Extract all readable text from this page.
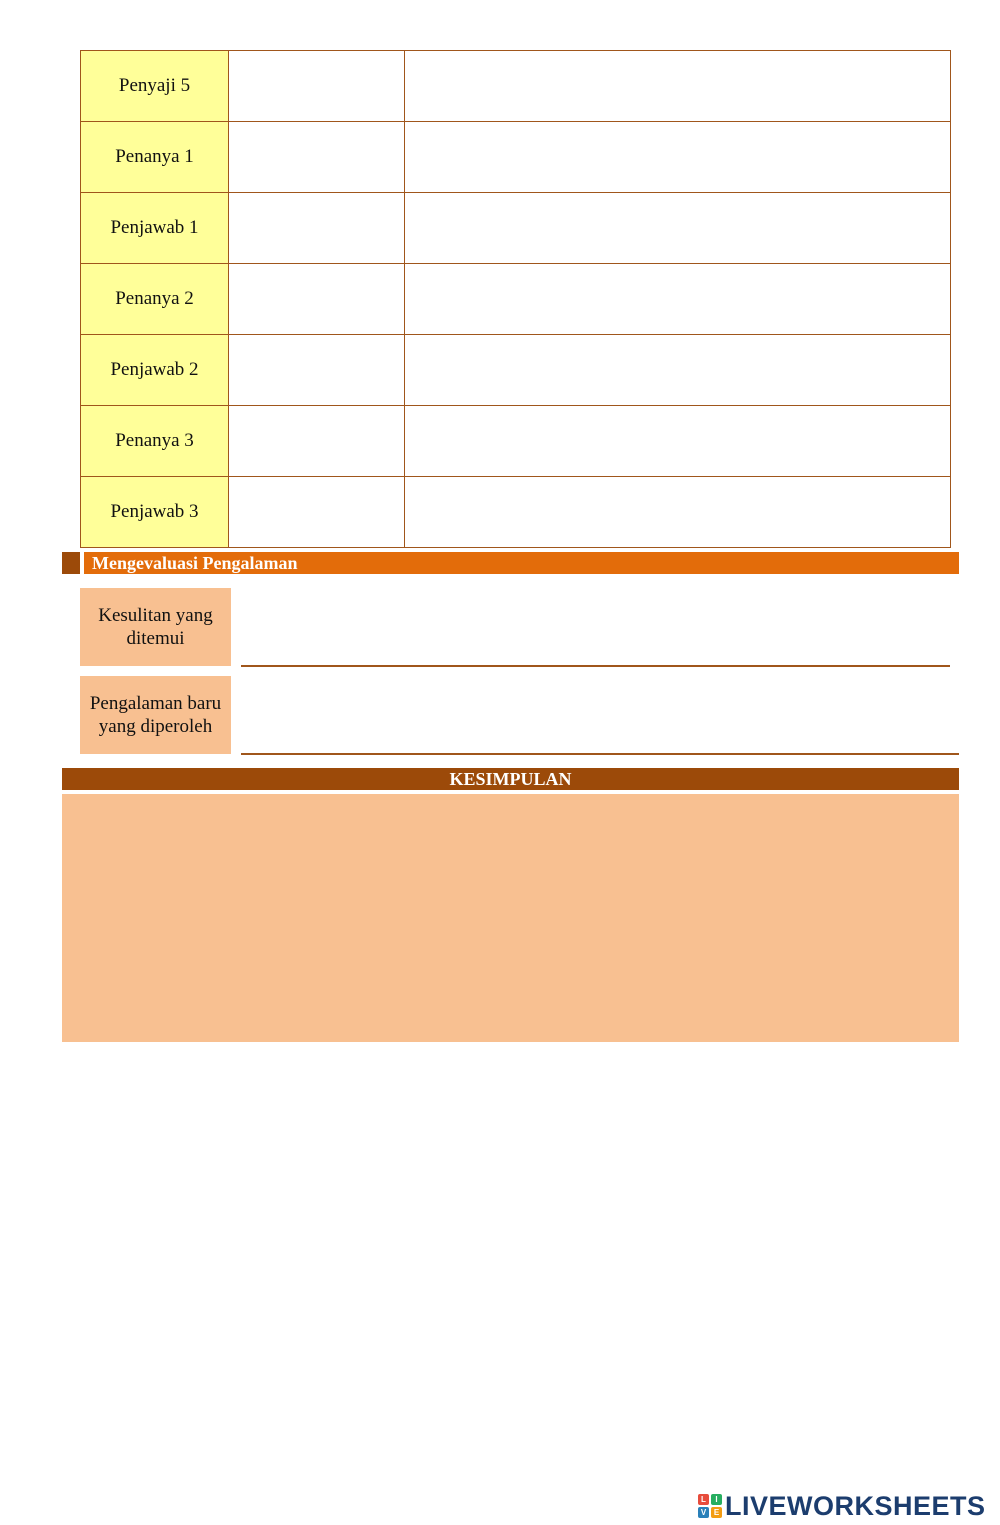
Penyaji 5		
Penanya 1		
Penjawab 1		
Penanya 2		
Penjawab 2		
Penanya 3		
Penjawab 3		
Mengevaluasi Pengalaman
Kesulitan yang ditemui
Pengalaman baru yang diperoleh
KESIMPULAN
L	I
V E LIVEWORKSHEETS
